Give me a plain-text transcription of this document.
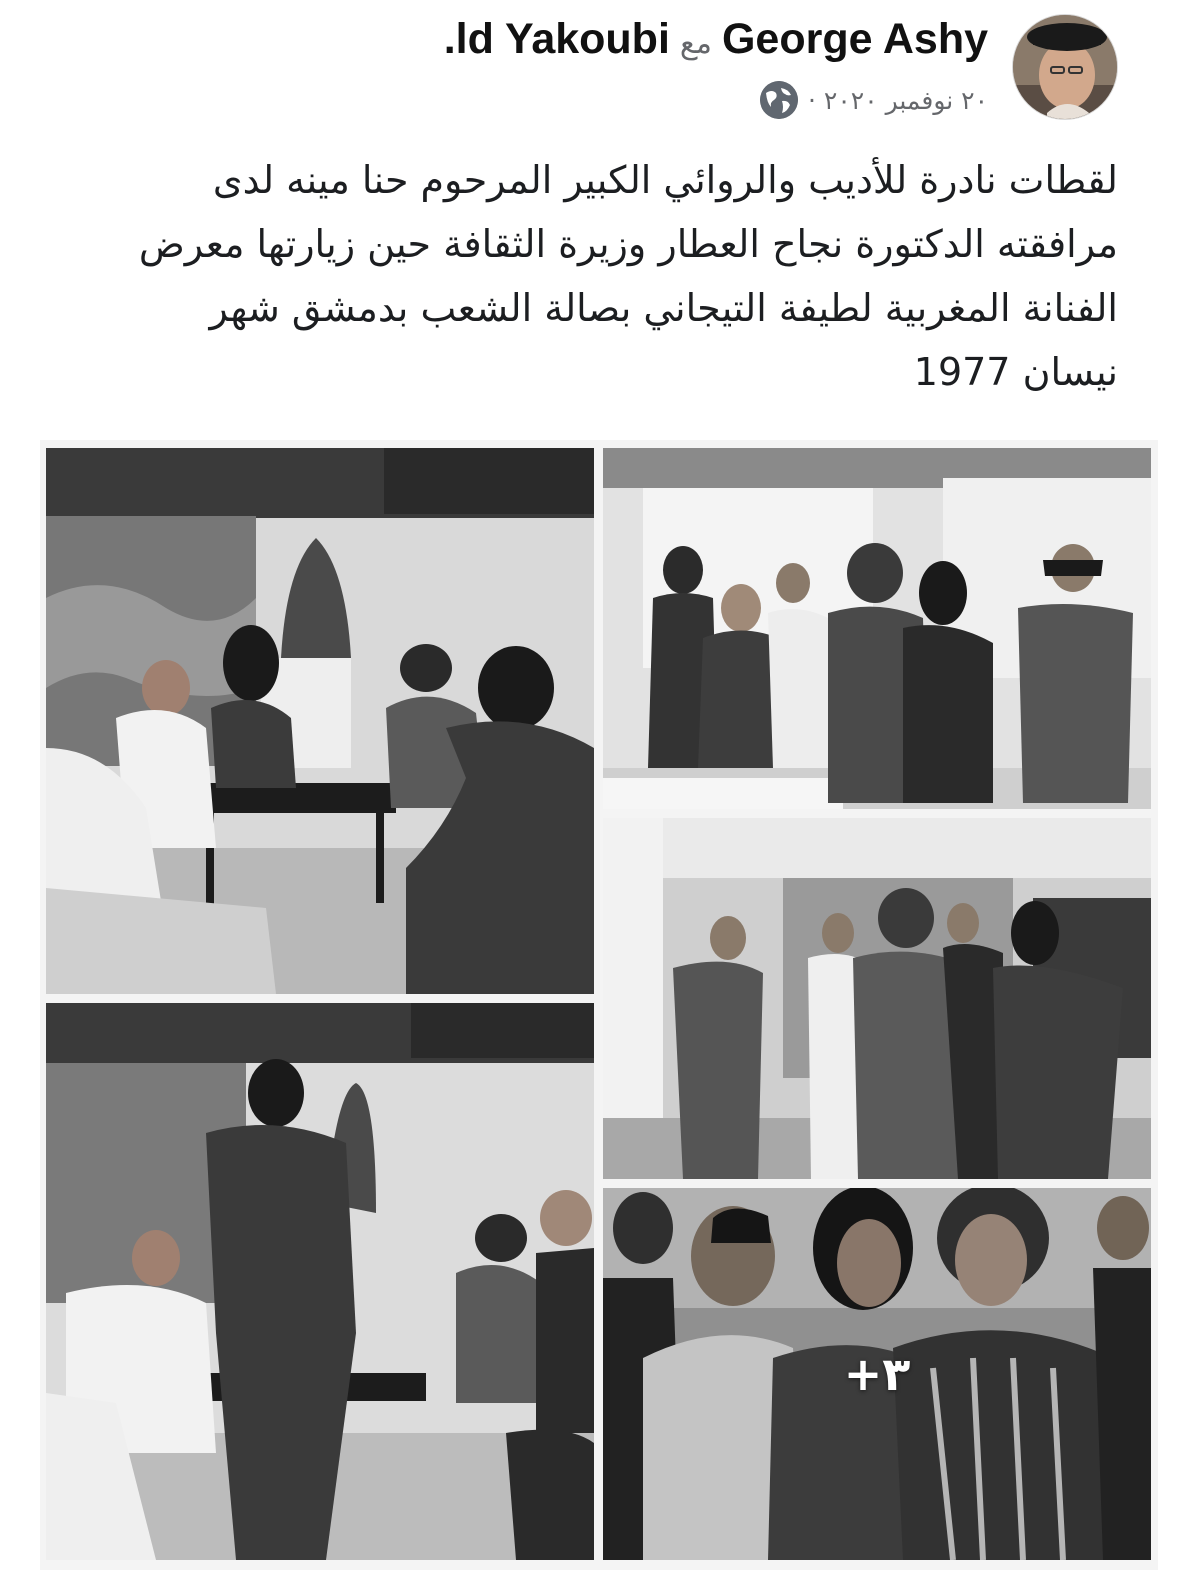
.ld Yakoubi مع George Ashy
· ٢٠ نوفمبر ٢٠٢٠
لقطات نادرة للأديب والروائي الكبير المرحوم حنا مينه لدى مرافقته الدكتورة نجاح العطار وزيرة الثقافة حين زيارتها معرض الفنانة المغربية لطيفة التيجاني بصالة الشعب بدمشق شهر نيسان 1977
+٣
